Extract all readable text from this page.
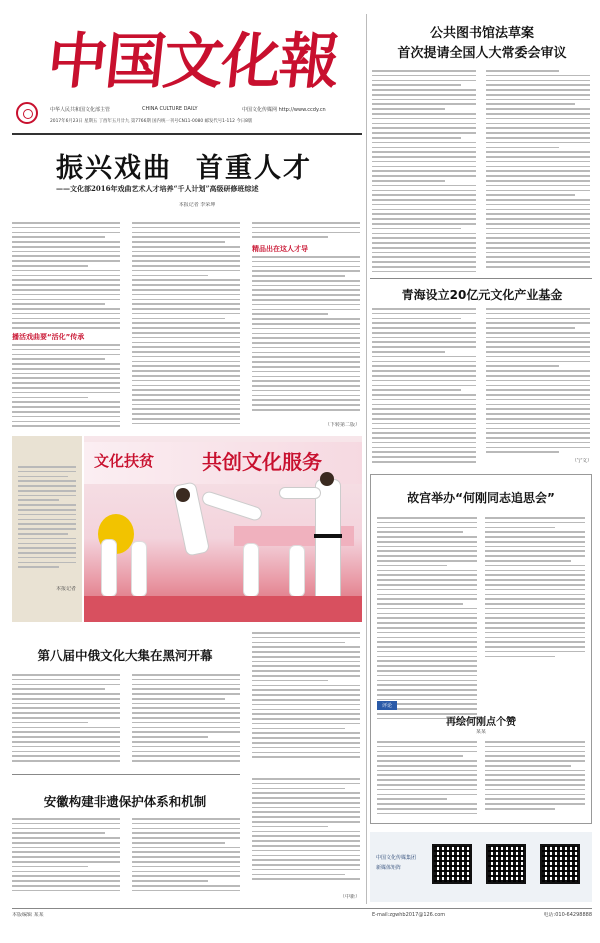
中国文化報
中华人民共和国文化部主管	CHINA CULTURE DAILY	中国文化传媒网 http://www.ccdy.cn
2017年6月23日 星期五 丁酉年五月廿九 第7766期 国内统一刊号CN11-0080 邮发代号1-112 今日8版
公共图书馆法草案
首次提请全国人大常委会审议
青海设立20亿元文化产业基金
（宁文）
故宫举办“何刚同志追思会”
评论
再绘何刚点个赞
某某
中国文化传媒集团
新媒体矩阵
振兴戏曲 首重人才
——文化部2016年戏曲艺术人才培养“千人计划”高级研修班综述
本报记者 李荣坤
播活戏曲要“活化”传承
精品出在这人才导
（下转第二版）
本报记者
文化扶贫 共创文化服务
第八届中俄文化大集在黑河开幕
安徽构建非遗保护体系和机制
（中新）
本版编辑 某某	E-mail:zgwhb2017@126.com	电话:010-64298888
